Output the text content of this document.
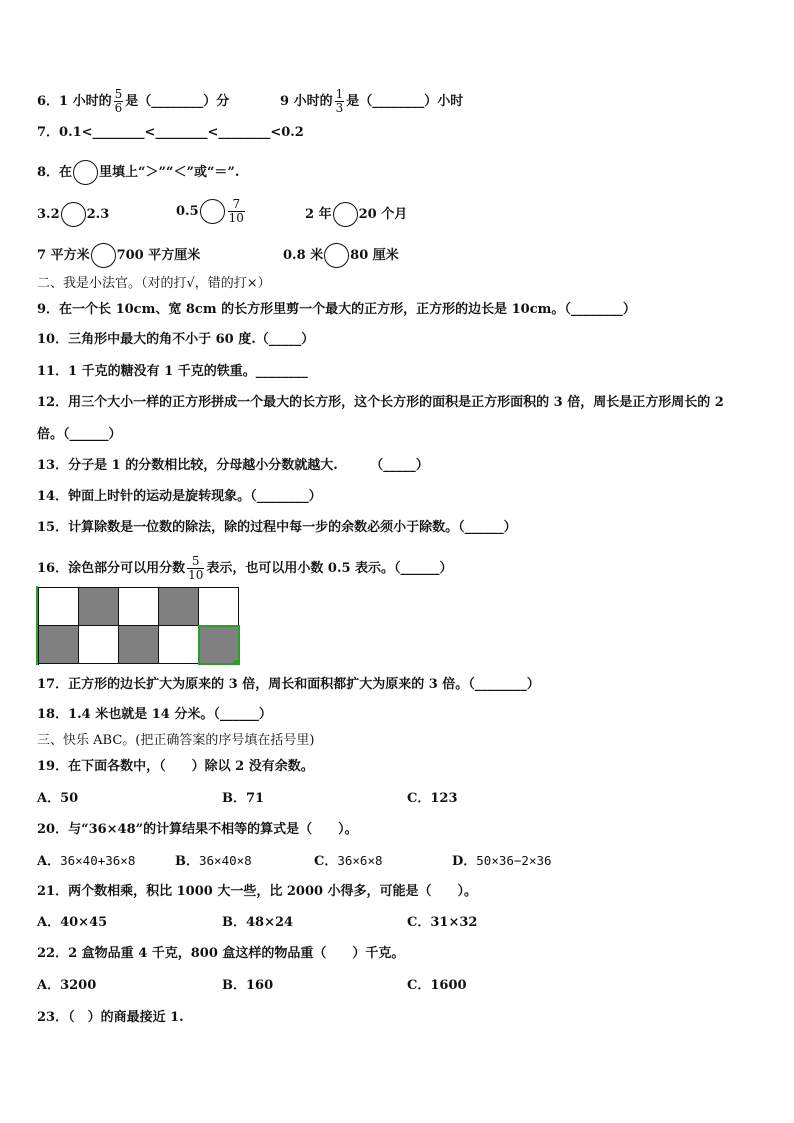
6．1 小时的 $\frac{5}{6}$ 是（________）分	9 小时的 $\frac{1}{3}$ 是（________）小时
7．0.1<________<________<________<0.2
8．在 里填上“＞”“＜”或“＝”.
3.2 2.3	$0.5 \frac{7}{10}$	2 年 20 个月
7 平方米 700 平方厘米	0.8 米 80 厘米
二、我是小法官。（对的打√，错的打×）
9．在一个长 10cm、宽 8cm 的长方形里剪一个最大的正方形，正方形的边长是 10cm。（________）
10．三角形中最大的角不小于 60 度.（_____）
11．1 千克的糖没有 1 千克的铁重。________
12．用三个大小一样的正方形拼成一个最大的长方形，这个长方形的面积是正方形面积的 3 倍，周长是正方形周长的 2
倍。（______）
13．分子是 1 的分数相比较，分母越小分数就越大.　　　（_____）
14．钟面上时针的运动是旋转现象。（________）
15．计算除数是一位数的除法，除的过程中每一步的余数必须小于除数。（______）
16．涂色部分可以用分数 $\frac{5}{10}$ 表示，也可以用小数 0.5 表示。（______）
17．正方形的边长扩大为原来的 3 倍，周长和面积都扩大为原来的 3 倍。（________）
18．1.4 米也就是 14 分米。（______）
三、快乐 ABC。(把正确答案的序号填在括号里)
19．在下面各数中，（　　）除以 2 没有余数。
A．50	B．71	C．123
20．与“36×48”的计算结果不相等的算式是（　　）。
A．36×40+36×8	B．36×40×8	C．36×6×8	D．50×36−2×36
21．两个数相乘，积比 1000 大一些，比 2000 小得多，可能是（　　）。
A．40×45	B．48×24	C．31×32
22．2 盒物品重 4 千克，800 盒这样的物品重（　　）千克。
A．3200	B．160	C．1600
23．（　）的商最接近 1.
